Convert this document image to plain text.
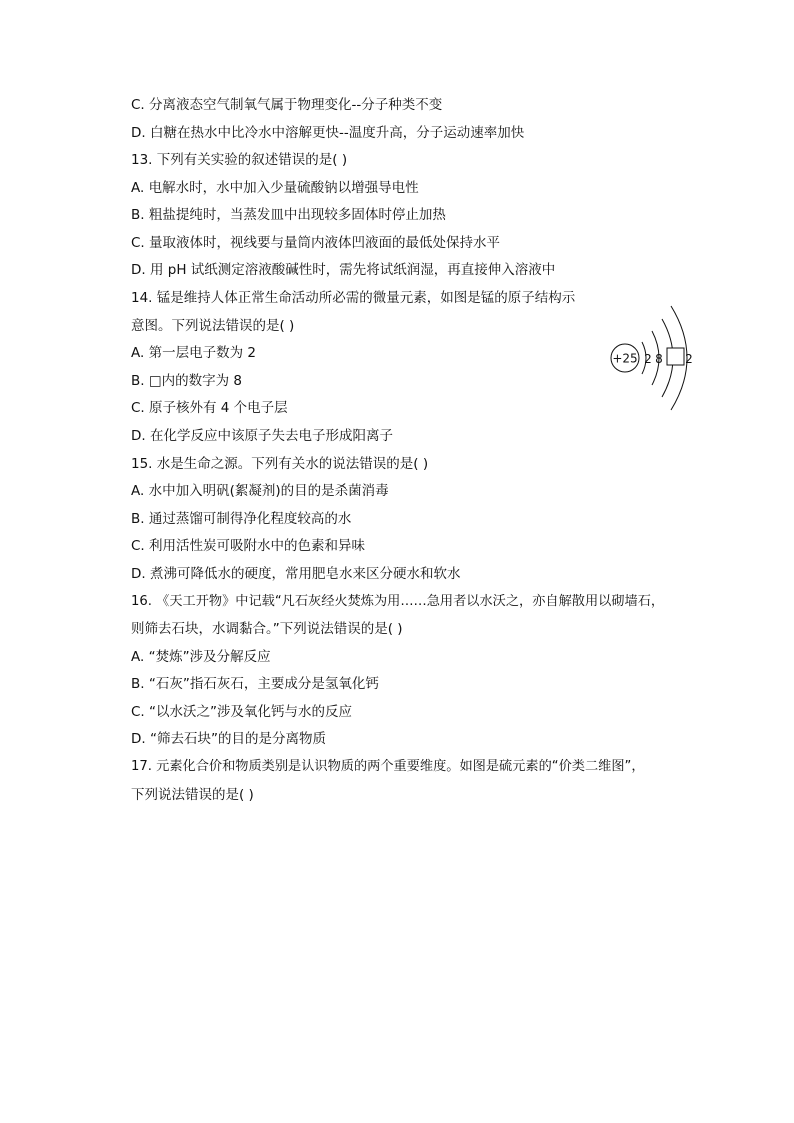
C. 分离液态空气制氧气属于物理变化--分子种类不变
D. 白糖在热水中比冷水中溶解更快--温度升高，分子运动速率加快
13. 下列有关实验的叙述错误的是( )
A. 电解水时，水中加入少量硫酸钠以增强导电性
B. 粗盐提纯时，当蒸发皿中出现较多固体时停止加热
C. 量取液体时，视线要与量筒内液体凹液面的最低处保持水平
D. 用 pH 试纸测定溶液酸碱性时，需先将试纸润湿，再直接伸入溶液中
14. 锰是维持人体正常生命活动所必需的微量元素，如图是锰的原子结构示
意图。下列说法错误的是( )
A. 第一层电子数为 2
B. □内的数字为 8
C. 原子核外有 4 个电子层
D. 在化学反应中该原子失去电子形成阳离子
15. 水是生命之源。下列有关水的说法错误的是( )
A. 水中加入明矾(絮凝剂)的目的是杀菌消毒
B. 通过蒸馏可制得净化程度较高的水
C. 利用活性炭可吸附水中的色素和异味
D. 煮沸可降低水的硬度，常用肥皂水来区分硬水和软水
16. 《天工开物》中记载“凡石灰经火焚炼为用……急用者以水沃之，亦自解散用以砌墙石，
则筛去石块，水调黏合。”下列说法错误的是( )
A. “焚炼”涉及分解反应
B. “石灰”指石灰石，主要成分是氢氧化钙
C. “以水沃之”涉及氧化钙与水的反应
D. “筛去石块”的目的是分离物质
17. 元素化合价和物质类别是认识物质的两个重要维度。如图是硫元素的“价类二维图”，
下列说法错误的是( )
+25 2 8 2
